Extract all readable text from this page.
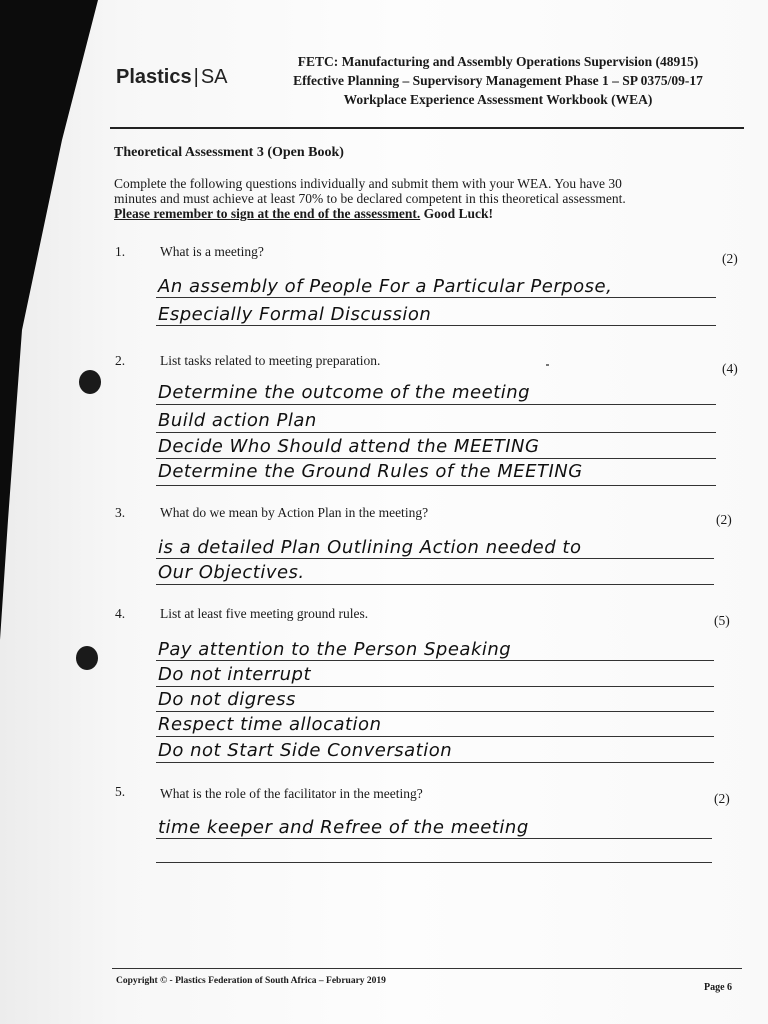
Plastics | SA
FETC: Manufacturing and Assembly Operations Supervision (48915)
Effective Planning – Supervisory Management Phase 1 – SP 0375/09-17
Workplace Experience Assessment Workbook (WEA)
Theoretical Assessment 3 (Open Book)
Complete the following questions individually and submit them with your WEA. You have 30
minutes and must achieve at least 70% to be declared competent in this theoretical assessment.
Please remember to sign at the end of the assessment. Good Luck!
1.	What is a meeting?	(2)
An assembly of People For a Particular Perpose,
Especially Formal Discussion
2.	List tasks related to meeting preparation.
(4)
Determine the outcome of the meeting
Build action Plan
Decide Who Should attend the MEETING
Determine the Ground Rules of the MEETING
3.	What do we mean by Action Plan in the meeting?	(2)
is a detailed Plan Outlining Action needed to
Our Objectives.
4.	List at least five meeting ground rules.	(5)
Pay attention to the Person Speaking
Do not interrupt
Do not digress
Respect time allocation
Do not Start Side Conversation
5.	What is the role of the facilitator in the meeting?	(2)
time keeper and Refree of the meeting
Copyright © - Plastics Federation of South Africa – February 2019
Page 6
